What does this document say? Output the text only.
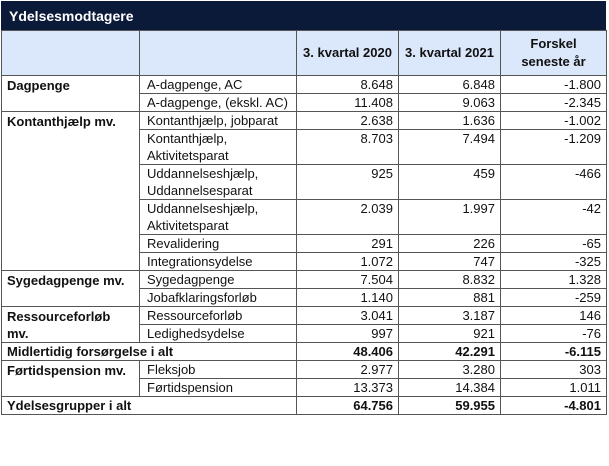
Ydelsesmodtagere
		3. kvartal 2020	3. kvartal 2021	Forskel seneste år
Dagpenge	A-dagpenge, AC	8.648	6.848	-1.800
	A-dagpenge, (ekskl. AC)	11.408	9.063	-2.345
Kontanthjælp mv.	Kontanthjælp, jobparat	2.638	1.636	-1.002
	Kontanthjælp, Aktivitetsparat	8.703	7.494	-1.209
	Uddannelseshjælp, Uddannelsesparat	925	459	-466
	Uddannelseshjælp, Aktivitetsparat	2.039	1.997	-42
	Revalidering	291	226	-65
	Integrationsydelse	1.072	747	-325
Sygedagpenge mv.	Sygedagpenge	7.504	8.832	1.328
	Jobafklaringsforløb	1.140	881	-259
Ressourceforløb mv.	Ressourceforløb	3.041	3.187	146
	Ledighedsydelse	997	921	-76
Midlertidig forsørgelse i alt		48.406	42.291	-6.115
Førtidspension mv.	Fleksjob	2.977	3.280	303
	Førtidspension	13.373	14.384	1.011
Ydelsesgrupper i alt		64.756	59.955	-4.801
